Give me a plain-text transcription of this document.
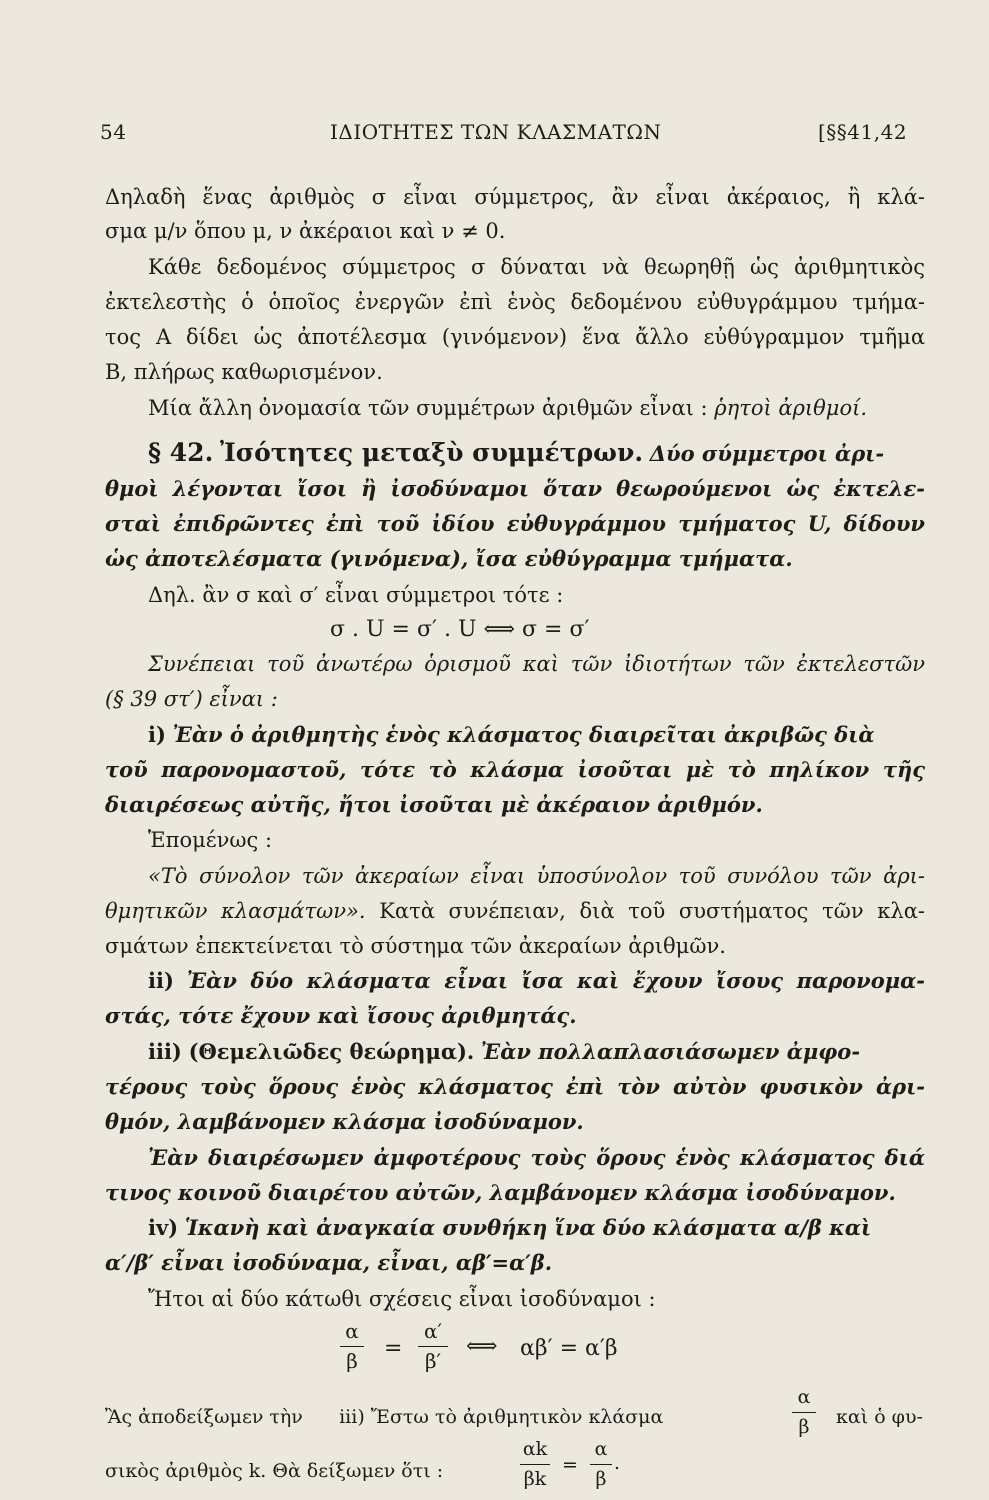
54	ΙΔΙΟΤΗΤΕΣ ΤΩΝ ΚΛΑΣΜΑΤΩΝ	[§§41,42
Δηλαδὴ ἕνας ἀριθμὸς σ εἶναι σύμμετρος, ἂν εἶναι ἀκέραιος, ἢ κλά-
σμα μ/ν ὅπου μ, ν ἀκέραιοι καὶ ν ≠ 0.
Κάθε δεδομένος σύμμετρος σ δύναται νὰ θεωρηθῇ ὡς ἀριθμητικὸς
ἐκτελεστὴς ὁ ὁποῖος ἐνεργῶν ἐπὶ ἑνὸς δεδομένου εὐθυγράμμου τμήμα-
τος Α δίδει ὡς ἀποτέλεσμα (γινόμενον) ἕνα ἄλλο εὐθύγραμμον τμῆμα
Β, πλήρως καθωρισμένον.
Μία ἄλλη ὀνομασία τῶν συμμέτρων ἀριθμῶν εἶναι : ῥητοὶ ἀριθμοί.
§ 42. Ἰσότητες μεταξὺ συμμέτρων. Δύο σύμμετροι ἀρι-
θμοὶ λέγονται ἴσοι ἢ ἰσοδύναμοι ὅταν θεωρούμενοι ὡς ἐκτελε-
σταὶ ἐπιδρῶντες ἐπὶ τοῦ ἰδίου εὐθυγράμμου τμήματος U, δίδουν
ὡς ἀποτελέσματα (γινόμενα), ἴσα εὐθύγραμμα τμήματα.
Δηλ. ἂν σ καὶ σ′ εἶναι σύμμετροι τότε :
σ . U = σ′ . U ⟺ σ = σ′
Συνέπειαι τοῦ ἀνωτέρω ὁρισμοῦ καὶ τῶν ἰδιοτήτων τῶν ἐκτελεστῶν
(§ 39 στ′) εἶναι :
i) Ἐὰν ὁ ἀριθμητὴς ἑνὸς κλάσματος διαιρεῖται ἀκριβῶς διὰ
τοῦ παρονομαστοῦ, τότε τὸ κλάσμα ἰσοῦται μὲ τὸ πηλίκον τῆς
διαιρέσεως αὐτῆς, ἤτοι ἰσοῦται μὲ ἀκέραιον ἀριθμόν.
Ἑπομένως :
«Τὸ σύνολον τῶν ἀκεραίων εἶναι ὑποσύνολον τοῦ συνόλου τῶν ἀρι-
θμητικῶν κλασμάτων». Κατὰ συνέπειαν, διὰ τοῦ συστήματος τῶν κλα-
σμάτων ἐπεκτείνεται τὸ σύστημα τῶν ἀκεραίων ἀριθμῶν.
ii) Ἐὰν δύο κλάσματα εἶναι ἴσα καὶ ἔχουν ἴσους παρονομα-
στάς, τότε ἔχουν καὶ ἴσους ἀριθμητάς.
iii) (Θεμελιῶδες θεώρημα). Ἐὰν πολλαπλασιάσωμεν ἀμφο-
τέρους τοὺς ὅρους ἑνὸς κλάσματος ἐπὶ τὸν αὐτὸν φυσικὸν ἀρι-
θμόν, λαμβάνομεν κλάσμα ἰσοδύναμον.
Ἐὰν διαιρέσωμεν ἀμφοτέρους τοὺς ὅρους ἑνὸς κλάσματος διά
τινος κοινοῦ διαιρέτου αὐτῶν, λαμβάνομεν κλάσμα ἰσοδύναμον.
iv) Ἱκανὴ καὶ ἀναγκαία συνθήκη ἵνα δύο κλάσματα α/β καὶ
α′/β′ εἶναι ἰσοδύναμα, εἶναι, αβ′=α′β.
Ἤτοι αἱ δύο κάτωθι σχέσεις εἶναι ἰσοδύναμοι :
α
β =
α′
β′
⟺ αβ′ = α′β
Ἂς ἀποδείξωμεν τὴν iii) Ἔστω τὸ ἀριθμητικὸν κλάσμα
α
β	καὶ ὁ φυ-
σικὸς ἀριθμὸς k. Θὰ δείξωμεν ὅτι :
αk
βk
=
α
β
.
